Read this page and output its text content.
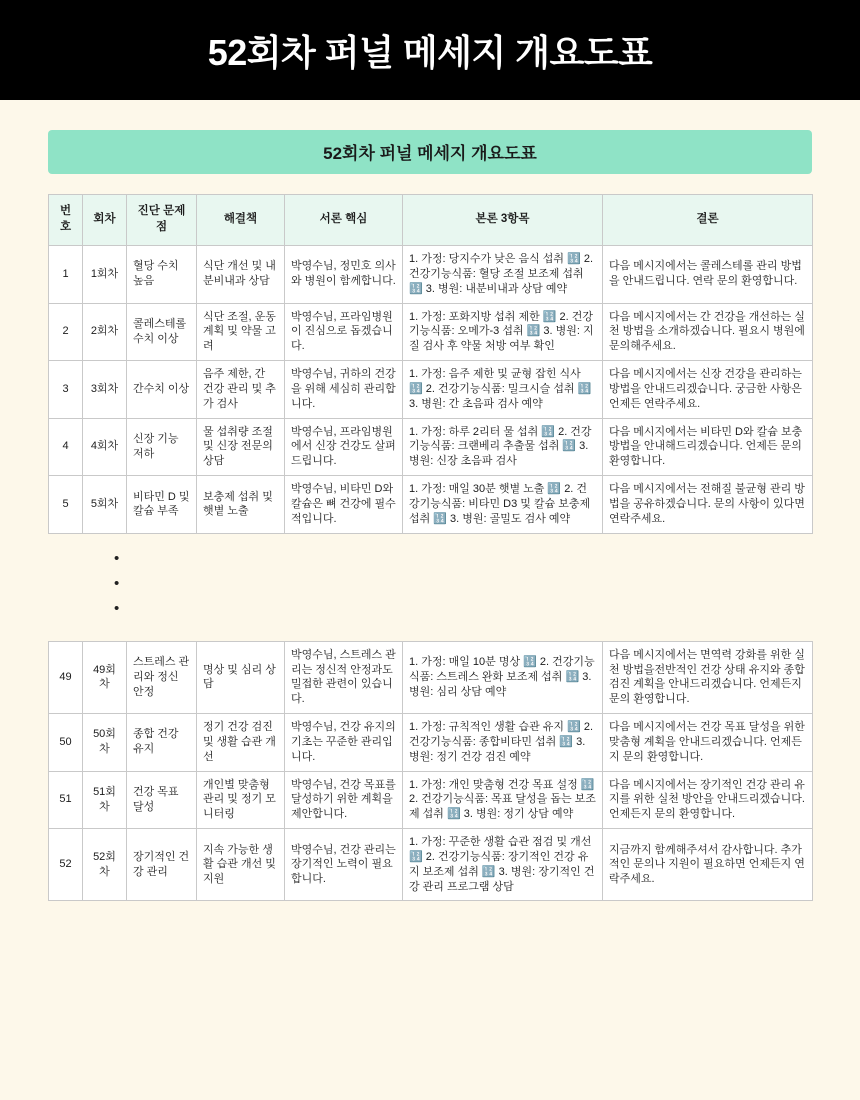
52회차 퍼널 메세지 개요도표
52회차 퍼널 메세지 개요도표
번호	회차	진단 문제점	해결책	서론 핵심	본론 3항목	결론
1	1회차	혈당 수치 높음	식단 개선 및 내분비내과 상담	박영수님, 정민호 의사와 병원이 함께합니다.	1. 가정: 당지수가 낮은 음식 섭취 🔢 2. 건강기능식품: 혈당 조절 보조제 섭취 🔢 3. 병원: 내분비내과 상담 예약	다음 메시지에서는 콜레스테롤 관리 방법을 안내드립니다. 연락 문의 환영합니다.
2	2회차	콜레스테롤 수치 이상	식단 조절, 운동 계획 및 약물 고려	박영수님, 프라임병원이 진심으로 돕겠습니다.	1. 가정: 포화지방 섭취 제한 🔢 2. 건강기능식품: 오메가-3 섭취 🔢 3. 병원: 지질 검사 후 약물 처방 여부 확인	다음 메시지에서는 간 건강을 개선하는 실천 방법을 소개하겠습니다. 필요시 병원에 문의해주세요.
3	3회차	간수치 이상	음주 제한, 간 건강 관리 및 추가 검사	박영수님, 귀하의 건강을 위해 세심히 관리합니다.	1. 가정: 음주 제한 및 균형 잡힌 식사 🔢 2. 건강기능식품: 밀크시슬 섭취 🔢 3. 병원: 간 초음파 검사 예약	다음 메시지에서는 신장 건강을 관리하는 방법을 안내드리겠습니다. 궁금한 사항은 언제든 연락주세요.
4	4회차	신장 기능 저하	물 섭취량 조절 및 신장 전문의 상담	박영수님, 프라임병원에서 신장 건강도 살펴드립니다.	1. 가정: 하루 2리터 물 섭취 🔢 2. 건강기능식품: 크랜베리 추출물 섭취 🔢 3. 병원: 신장 초음파 검사	다음 메시지에서는 비타민 D와 칼슘 보충 방법을 안내해드리겠습니다. 언제든 문의 환영합니다.
5	5회차	비타민 D 및 칼슘 부족	보충제 섭취 및 햇볕 노출	박영수님, 비타민 D와 칼슘은 뼈 건강에 필수적입니다.	1. 가정: 매일 30분 햇볕 노출 🔢 2. 건강기능식품: 비타민 D3 및 칼슘 보충제 섭취 🔢 3. 병원: 골밀도 검사 예약	다음 메시지에서는 전해질 불균형 관리 방법을 공유하겠습니다. 문의 사항이 있다면 연락주세요.
•
•
•
49	49회차	스트레스 관리와 정신 안정	명상 및 심리 상담	박영수님, 스트레스 관리는 정신적 안정과도 밀접한 관련이 있습니다.	1. 가정: 매일 10분 명상 🔢 2. 건강기능식품: 스트레스 완화 보조제 섭취 🔢 3. 병원: 심리 상담 예약	다음 메시지에서는 면역력 강화를 위한 실천 방법을전반적인 건강 상태 유지와 종합 검진 계획을 안내드리겠습니다. 언제든지 문의 환영합니다.
50	50회차	종합 건강 유지	정기 건강 검진 및 생활 습관 개선	박영수님, 건강 유지의 기초는 꾸준한 관리입니다.	1. 가정: 규칙적인 생활 습관 유지 🔢 2. 건강기능식품: 종합비타민 섭취 🔢 3. 병원: 정기 건강 검진 예약	다음 메시지에서는 건강 목표 달성을 위한 맞춤형 계획을 안내드리겠습니다. 언제든지 문의 환영합니다.
51	51회차	건강 목표 달성	개인별 맞춤형 관리 및 정기 모니터링	박영수님, 건강 목표를 달성하기 위한 계획을 제안합니다.	1. 가정: 개인 맞춤형 건강 목표 설정 🔢 2. 건강기능식품: 목표 달성을 돕는 보조제 섭취 🔢 3. 병원: 정기 상담 예약	다음 메시지에서는 장기적인 건강 관리 유지를 위한 실천 방안을 안내드리겠습니다. 언제든지 문의 환영합니다.
52	52회차	장기적인 건강 관리	지속 가능한 생활 습관 개선 및 지원	박영수님, 건강 관리는 장기적인 노력이 필요합니다.	1. 가정: 꾸준한 생활 습관 점검 및 개선 🔢 2. 건강기능식품: 장기적인 건강 유지 보조제 섭취 🔢 3. 병원: 장기적인 건강 관리 프로그램 상담	지금까지 함께해주셔서 감사합니다. 추가적인 문의나 지원이 필요하면 언제든지 연락주세요.
